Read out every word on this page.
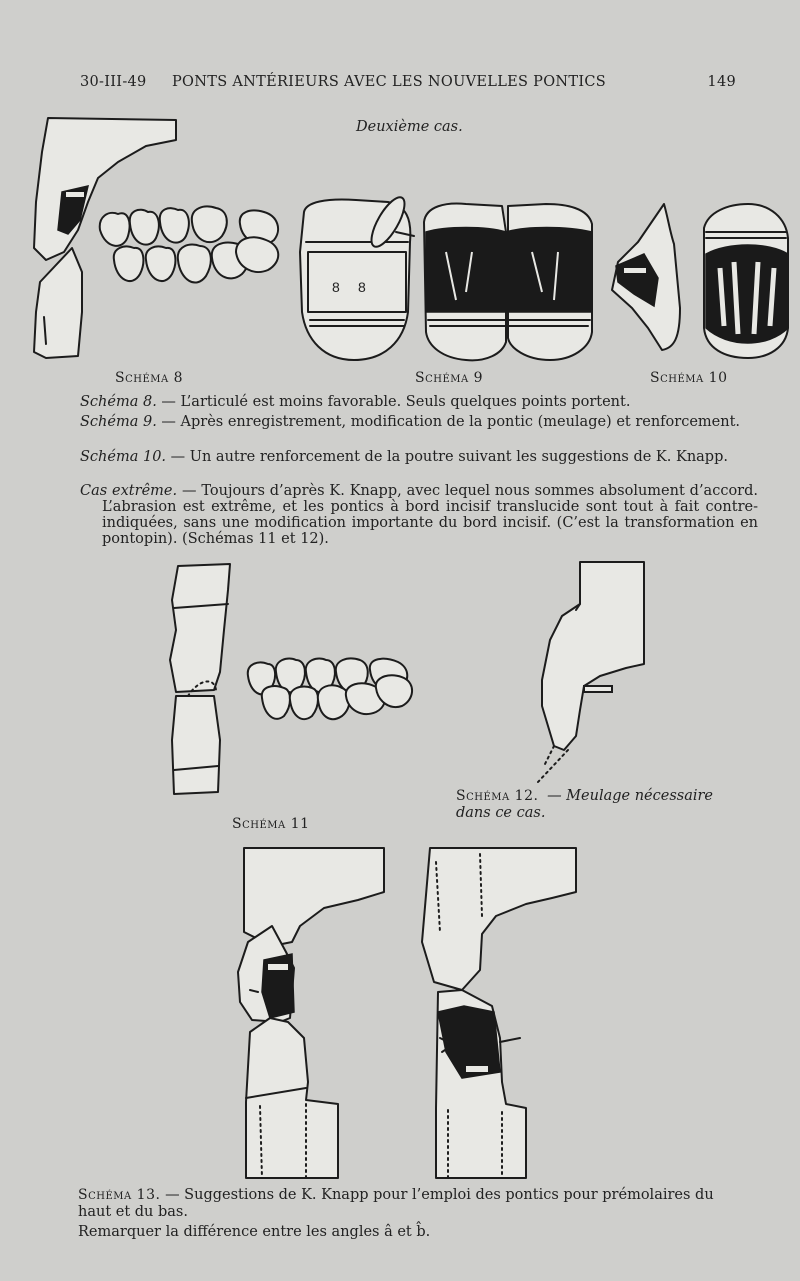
30-III-49 PONTS ANTÉRIEURS AVEC LES NOUVELLES PONTICS	149
Deuxième cas.
8 8
Schéma 8	Schéma 9	Schéma 10

Schéma 8. — L’articulé est moins favorable. Seuls quelques points portent.

Schéma 9. — Après enregistrement, modification de la pontic (meulage) et renforcement.

Schéma 10. — Un autre renforcement de la poutre suivant les suggestions de K. Knapp.

Cas extrême. — Toujours d’après K. Knapp, avec lequel nous sommes absolument d’accord. L’abrasion est extrême, et les pontics à bord incisif translucide sont tout à fait contre-indiquées, sans une modification importante du bord incisif. (C’est la transformation en pontopin). (Schémas 11 et 12).

Schéma 11
Schéma 12. — Meulage nécessaire dans ce cas.
Schéma 13. — Suggestions de K. Knapp pour l’emploi des pontics pour prémolaires du haut et du bas.
Remarquer la différence entre les angles â et b̂.
